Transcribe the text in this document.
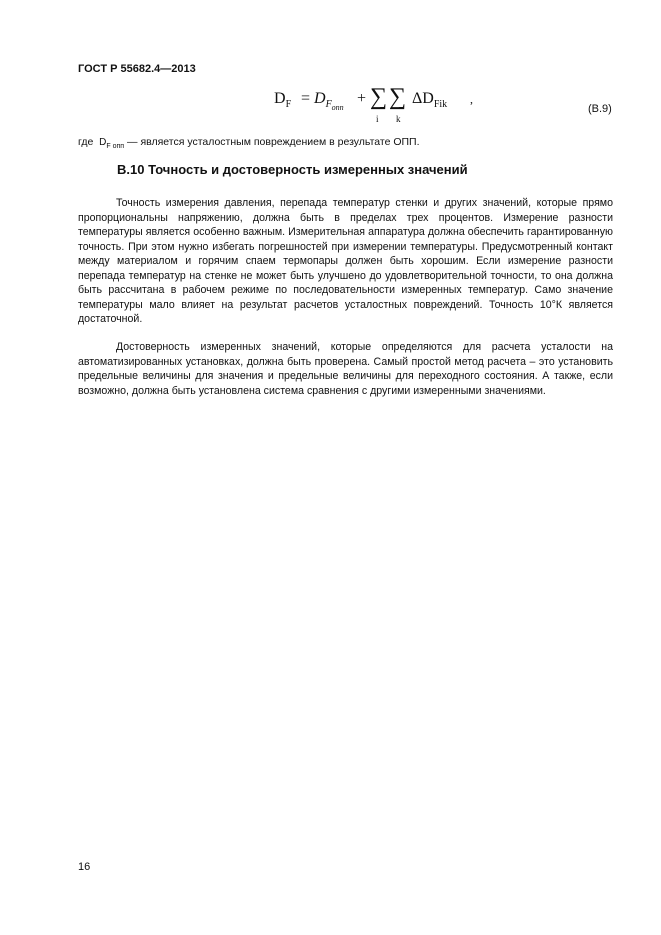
ГОСТ Р 55682.4—2013
$D_F = D_{F_{опп}}$
+ ∑ ∑
i k
$\Delta D_{Fik}$ ,
(В.9)
где $D_{F опп}$ — является усталостным повреждением в результате ОПП.
В.10 Точность и достоверность измеренных значений

Точность измерения давления, перепада температур стенки и других значений, которые прямо пропорциональны напряжению, должна быть в пределах трех процентов. Измерение разности температуры является особенно важным. Измерительная аппаратура должна обеспечить гарантированную точность. При этом нужно избегать погрешностей при измерении температуры. Предусмотренный контакт между материалом и горячим спаем термопары должен быть хорошим. Если измерение разности перепада температур на стенке не может быть улучшено до удовлетворительной точности, то она должна быть рассчитана в рабочем режиме по последовательности измеренных температур. Само значение температуры мало влияет на результат расчетов усталостных повреждений. Точность 10°К является достаточной.

Достоверность измеренных значений, которые определяются для расчета усталости на автоматизированных установках, должна быть проверена. Самый простой метод расчета – это установить предельные величины для значения и предельные величины для переходного состояния. А также, если возможно, должна быть установлена система сравнения с другими измеренными значениями.

16
